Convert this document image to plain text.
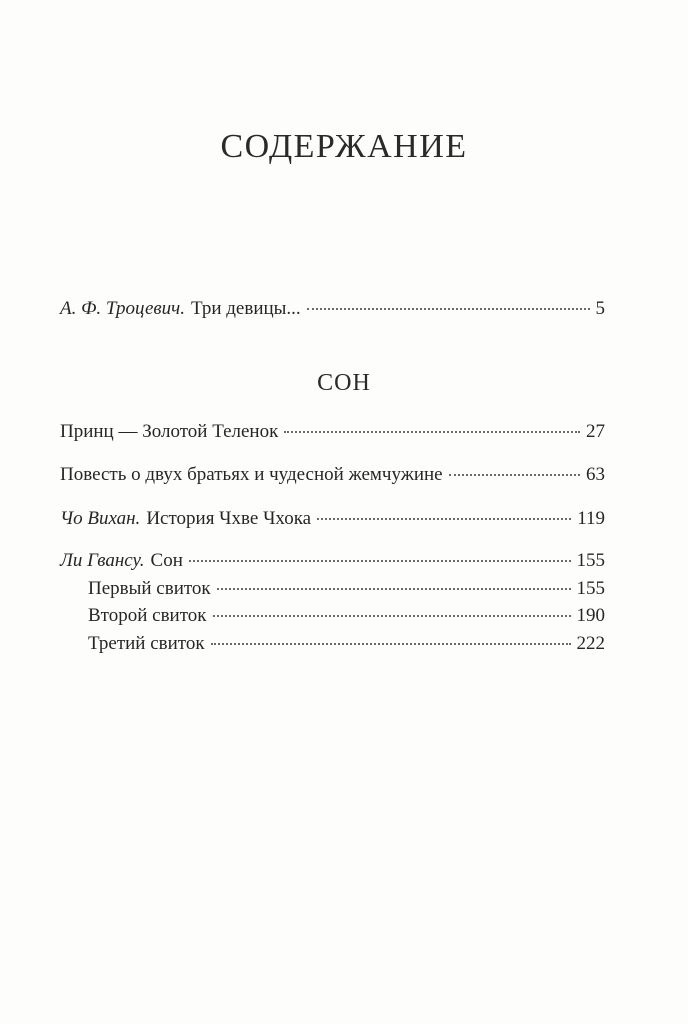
СОДЕРЖАНИЕ
А. Ф. Троцевич. Три девицы...	5
СОН
Принц — Золотой Теленок	27
Повесть о двух братьях и чудесной жемчужине	63
Чо Вихан. История Чхве Чхока	119
Ли Гвансу. Сон	155
Первый свиток	155
Второй свиток	190
Третий свиток	222
